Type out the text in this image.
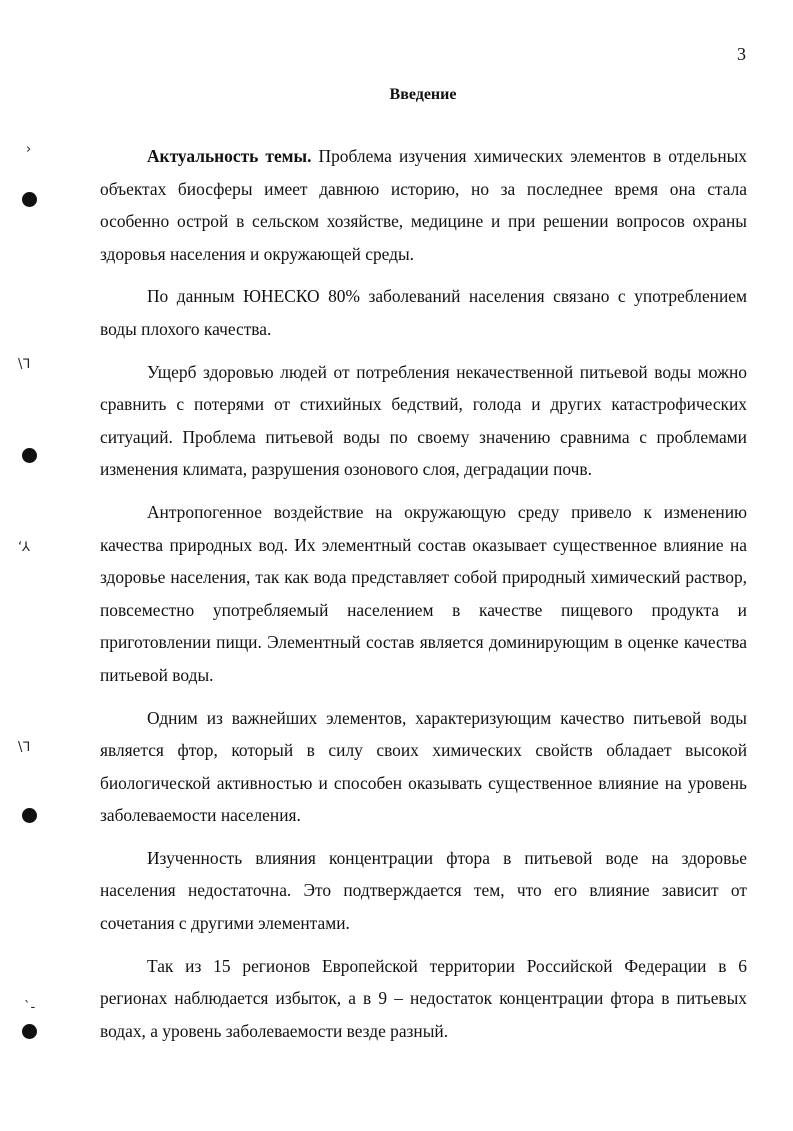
3
Введение

Актуальность темы. Проблема изучения химических элементов в отдельных объектах биосферы имеет давнюю историю, но за последнее время она стала особенно острой в сельском хозяйстве, медицине и при решении вопросов охраны здоровья населения и окружающей среды.

По данным ЮНЕСКО 80% заболеваний населения связано с употреблением воды плохого качества.

Ущерб здоровью людей от потребления некачественной питьевой воды можно сравнить с потерями от стихийных бедствий, голода и других катастрофических ситуаций. Проблема питьевой воды по своему значению сравнима с проблемами изменения климата, разрушения озонового слоя, деградации почв.

Антропогенное воздействие на окружающую среду привело к изменению качества природных вод. Их элементный состав оказывает существенное влияние на здоровье населения, так как вода представляет собой природный химический раствор, повсеместно употребляемый населением в качестве пищевого продукта и приготовлении пищи. Элементный состав является доминирующим в оценке качества питьевой воды.

Одним из важнейших элементов, характеризующим качество питьевой воды является фтор, который в силу своих химических свойств обладает высокой биологической активностью и способен оказывать существенное влияние на уровень заболеваемости населения.

Изученность влияния концентрации фтора в питьевой воде на здоровье населения недостаточна. Это подтверждается тем, что его влияние зависит от сочетания с другими элементами.

Так из 15 регионов Европейской территории Российской Федерации в 6 регионах наблюдается избыток, а в 9 – недостаток концентрации фтора в питьевых водах, а уровень заболеваемости везде разный.

›
\ᒣ
ʻ⅄
\ᒣ
ˋ-
